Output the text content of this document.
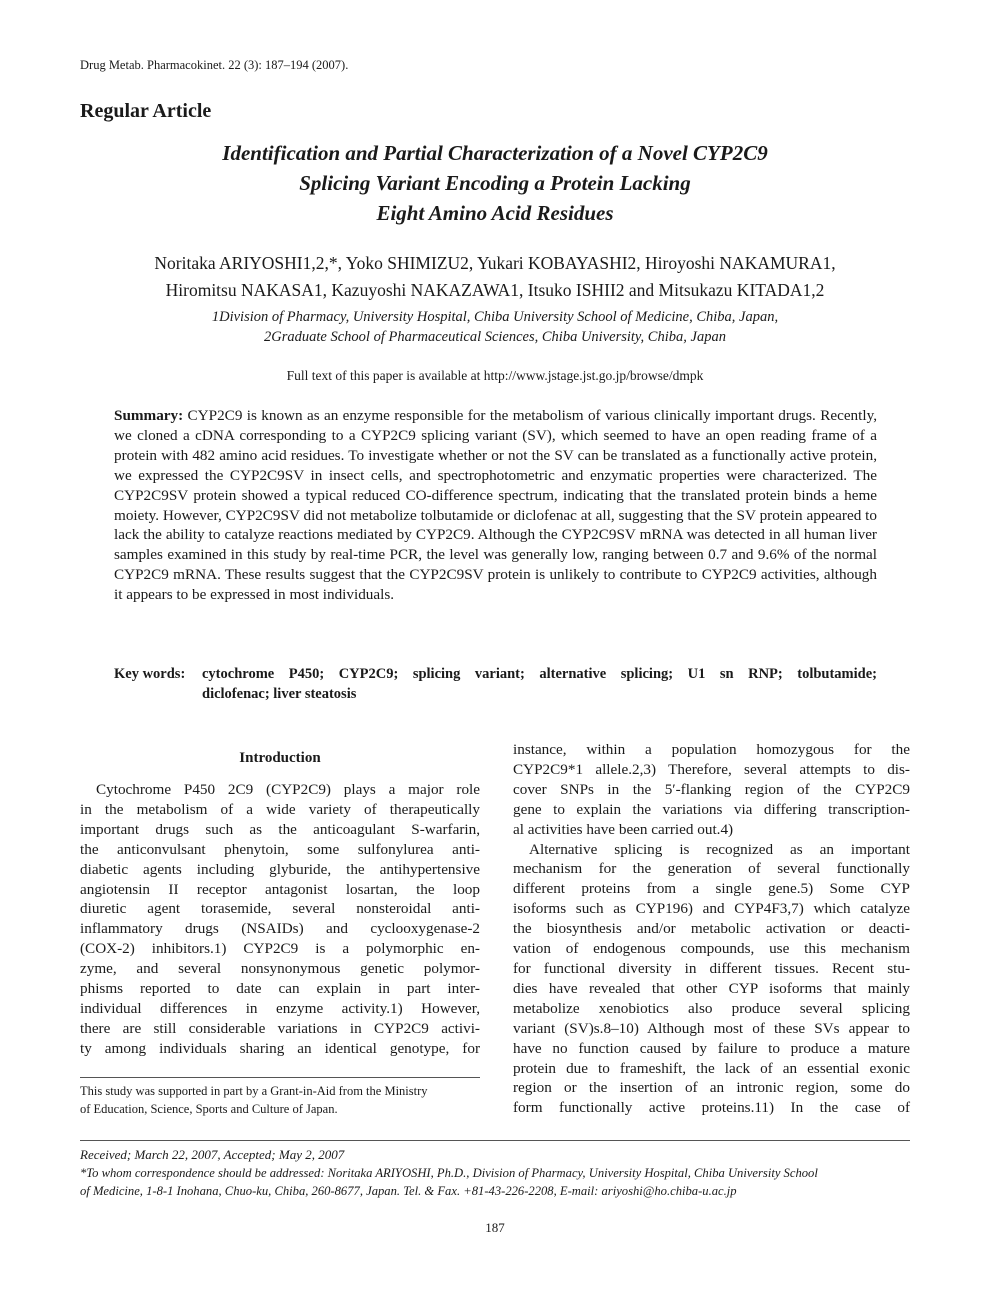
Drug Metab. Pharmacokinet. 22 (3): 187–194 (2007).
Regular Article
Identification and Partial Characterization of a Novel CYP2C9
Splicing Variant Encoding a Protein Lacking
Eight Amino Acid Residues
Noritaka ARIYOSHI1,2,*, Yoko SHIMIZU2, Yukari KOBAYASHI2, Hiroyoshi NAKAMURA1,
Hiromitsu NAKASA1, Kazuyoshi NAKAZAWA1, Itsuko ISHII2 and Mitsukazu KITADA1,2
1Division of Pharmacy, University Hospital, Chiba University School of Medicine, Chiba, Japan,
2Graduate School of Pharmaceutical Sciences, Chiba University, Chiba, Japan
Full text of this paper is available at http://www.jstage.jst.go.jp/browse/dmpk
Summary: CYP2C9 is known as an enzyme responsible for the metabolism of various clinically important drugs. Recently, we cloned a cDNA corresponding to a CYP2C9 splicing variant (SV), which seemed to have an open reading frame of a protein with 482 amino acid residues. To investigate whether or not the SV can be translated as a functionally active protein, we expressed the CYP2C9SV in insect cells, and spectrophotometric and enzymatic properties were characterized. The CYP2C9SV protein showed a typical reduced CO-difference spectrum, indicating that the translated protein binds a heme moiety. However, CYP2C9SV did not metabolize tolbutamide or diclofenac at all, suggesting that the SV protein appeared to lack the ability to catalyze reactions mediated by CYP2C9. Although the CYP2C9SV mRNA was detected in all human liver samples examined in this study by real-time PCR, the level was generally low, ranging between 0.7 and 9.6% of the normal CYP2C9 mRNA. These results suggest that the CYP2C9SV protein is unlikely to contribute to CYP2C9 activities, although it appears to be expressed in most individuals.
Key words: cytochrome P450; CYP2C9; splicing variant; alternative splicing; U1 sn RNP; tolbutamide;
diclofenac; liver steatosis
Introduction
Cytochrome P450 2C9 (CYP2C9) plays a major role
in the metabolism of a wide variety of therapeutically
important drugs such as the anticoagulant S-warfarin,
the anticonvulsant phenytoin, some sulfonylurea anti-
diabetic agents including glyburide, the antihypertensive
angiotensin II receptor antagonist losartan, the loop
diuretic agent torasemide, several nonsteroidal anti-
inflammatory drugs (NSAIDs) and cyclooxygenase-2
(COX-2) inhibitors.1) CYP2C9 is a polymorphic en-
zyme, and several nonsynonymous genetic polymor-
phisms reported to date can explain in part inter-
individual differences in enzyme activity.1) However,
there are still considerable variations in CYP2C9 activi-
ty among individuals sharing an identical genotype, for
instance, within a population homozygous for the
CYP2C9*1 allele.2,3) Therefore, several attempts to dis-
cover SNPs in the 5′-flanking region of the CYP2C9
gene to explain the variations via differing transcription-
al activities have been carried out.4)
Alternative splicing is recognized as an important
mechanism for the generation of several functionally
different proteins from a single gene.5) Some CYP
isoforms such as CYP196) and CYP4F3,7) which catalyze
the biosynthesis and/or metabolic activation or deacti-
vation of endogenous compounds, use this mechanism
for functional diversity in different tissues. Recent stu-
dies have revealed that other CYP isoforms that mainly
metabolize xenobiotics also produce several splicing
variant (SV)s.8–10) Although most of these SVs appear to
have no function caused by failure to produce a mature
protein due to frameshift, the lack of an essential exonic
region or the insertion of an intronic region, some do
form functionally active proteins.11) In the case of
This study was supported in part by a Grant-in-Aid from the Ministry
of Education, Science, Sports and Culture of Japan.
Received; March 22, 2007, Accepted; May 2, 2007
*To whom correspondence should be addressed: Noritaka ARIYOSHI, Ph.D., Division of Pharmacy, University Hospital, Chiba University School
of Medicine, 1-8-1 Inohana, Chuo-ku, Chiba, 260-8677, Japan. Tel. & Fax. +81-43-226-2208, E-mail: ariyoshi@ho.chiba-u.ac.jp
187
